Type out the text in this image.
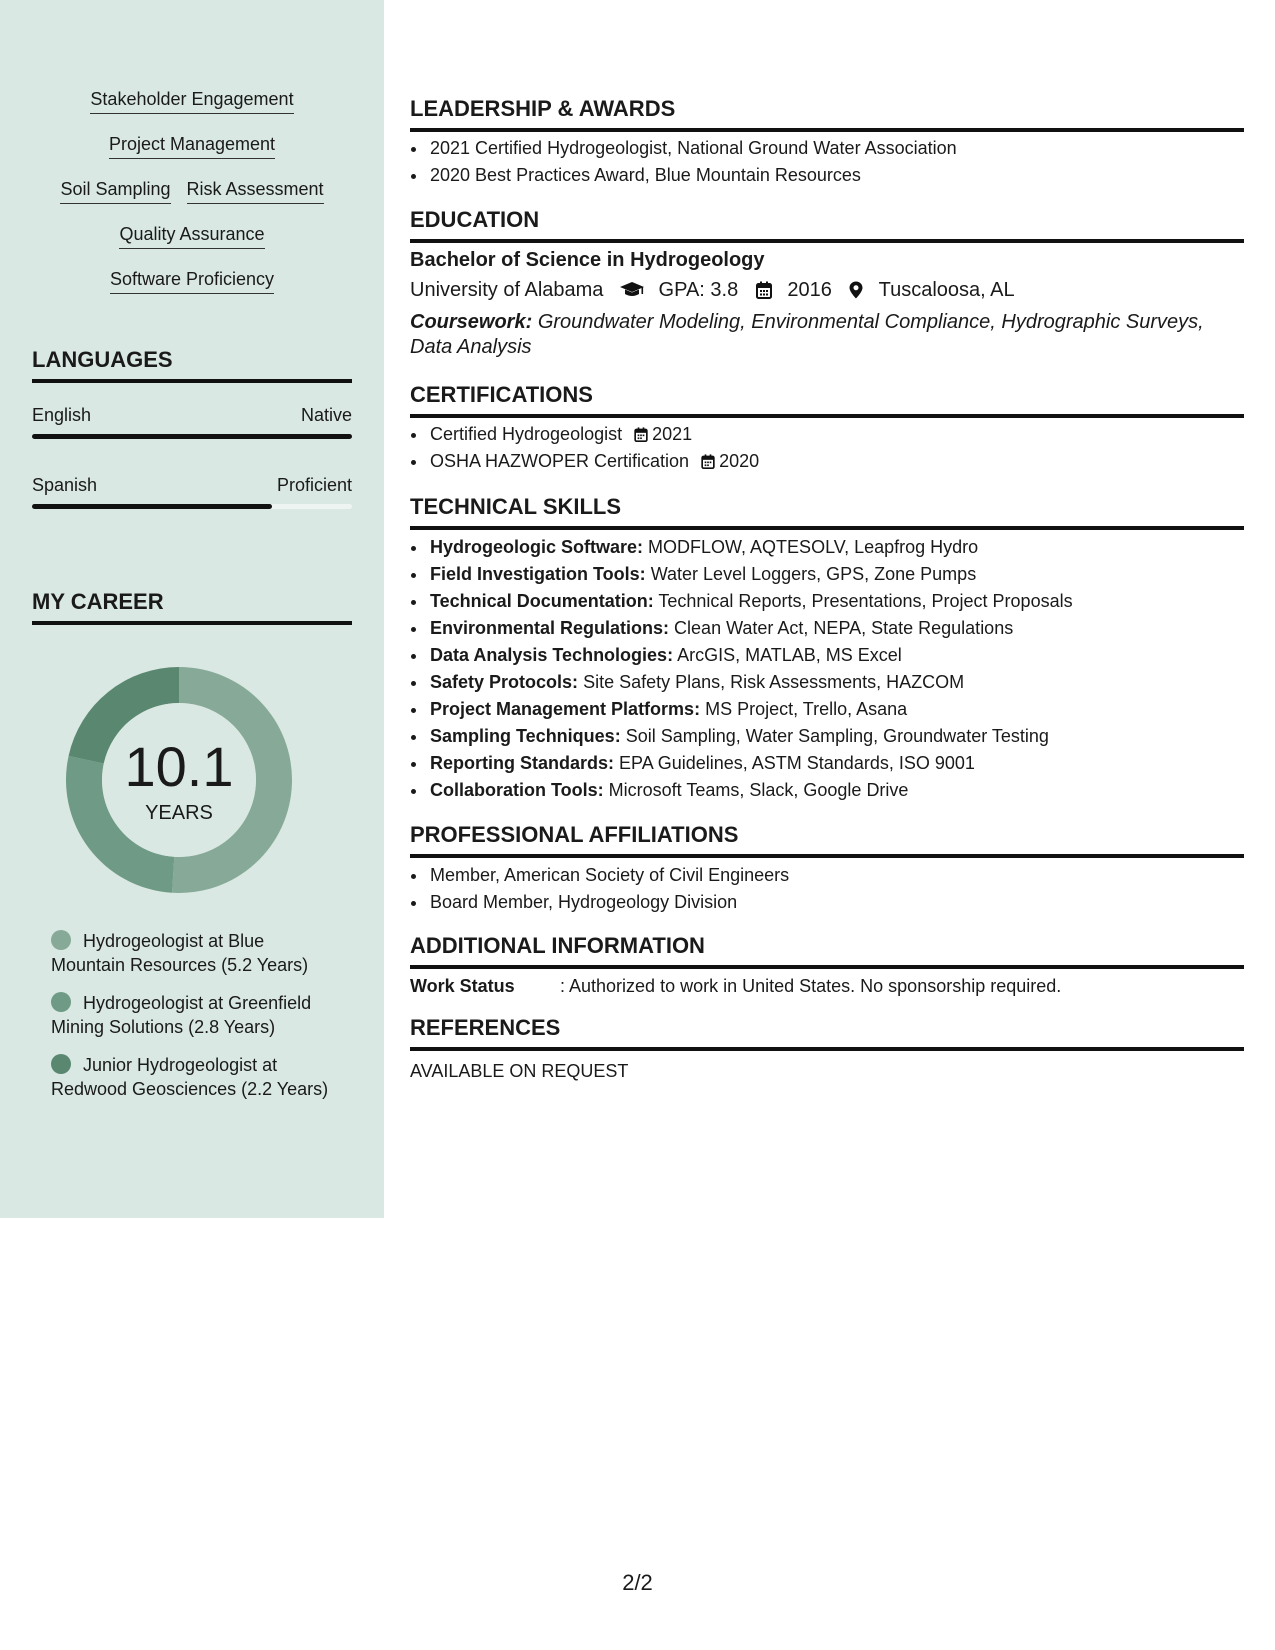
Stakeholder Engagement
Project Management
Soil Sampling Risk Assessment
Quality Assurance
Software Proficiency
LANGUAGES
English	Native
Spanish	Proficient
MY CAREER
10.1
YEARS
Hydrogeologist at Blue Mountain Resources (5.2 Years)
Hydrogeologist at Greenfield Mining Solutions (2.8 Years)
Junior Hydrogeologist at Redwood Geosciences (2.2 Years)
LEADERSHIP & AWARDS
• 2021 Certified Hydrogeologist, National Ground Water Association
• 2020 Best Practices Award, Blue Mountain Resources
EDUCATION
Bachelor of Science in Hydrogeology
University of Alabama	GPA: 3.8 2016 Tuscaloosa, AL
Coursework: Groundwater Modeling, Environmental Compliance, Hydrographic Surveys, Data Analysis
CERTIFICATIONS
• Certified Hydrogeologist 2021
• OSHA HAZWOPER Certification 2020
TECHNICAL SKILLS
• Hydrogeologic Software: MODFLOW, AQTESOLV, Leapfrog Hydro
• Field Investigation Tools: Water Level Loggers, GPS, Zone Pumps
• Technical Documentation: Technical Reports, Presentations, Project Proposals
• Environmental Regulations: Clean Water Act, NEPA, State Regulations
• Data Analysis Technologies: ArcGIS, MATLAB, MS Excel
• Safety Protocols: Site Safety Plans, Risk Assessments, HAZCOM
• Project Management Platforms: MS Project, Trello, Asana
• Sampling Techniques: Soil Sampling, Water Sampling, Groundwater Testing
• Reporting Standards: EPA Guidelines, ASTM Standards, ISO 9001
• Collaboration Tools: Microsoft Teams, Slack, Google Drive
PROFESSIONAL AFFILIATIONS
• Member, American Society of Civil Engineers
• Board Member, Hydrogeology Division
ADDITIONAL INFORMATION
Work Status	: Authorized to work in United States. No sponsorship required.
REFERENCES
AVAILABLE ON REQUEST
2/2
